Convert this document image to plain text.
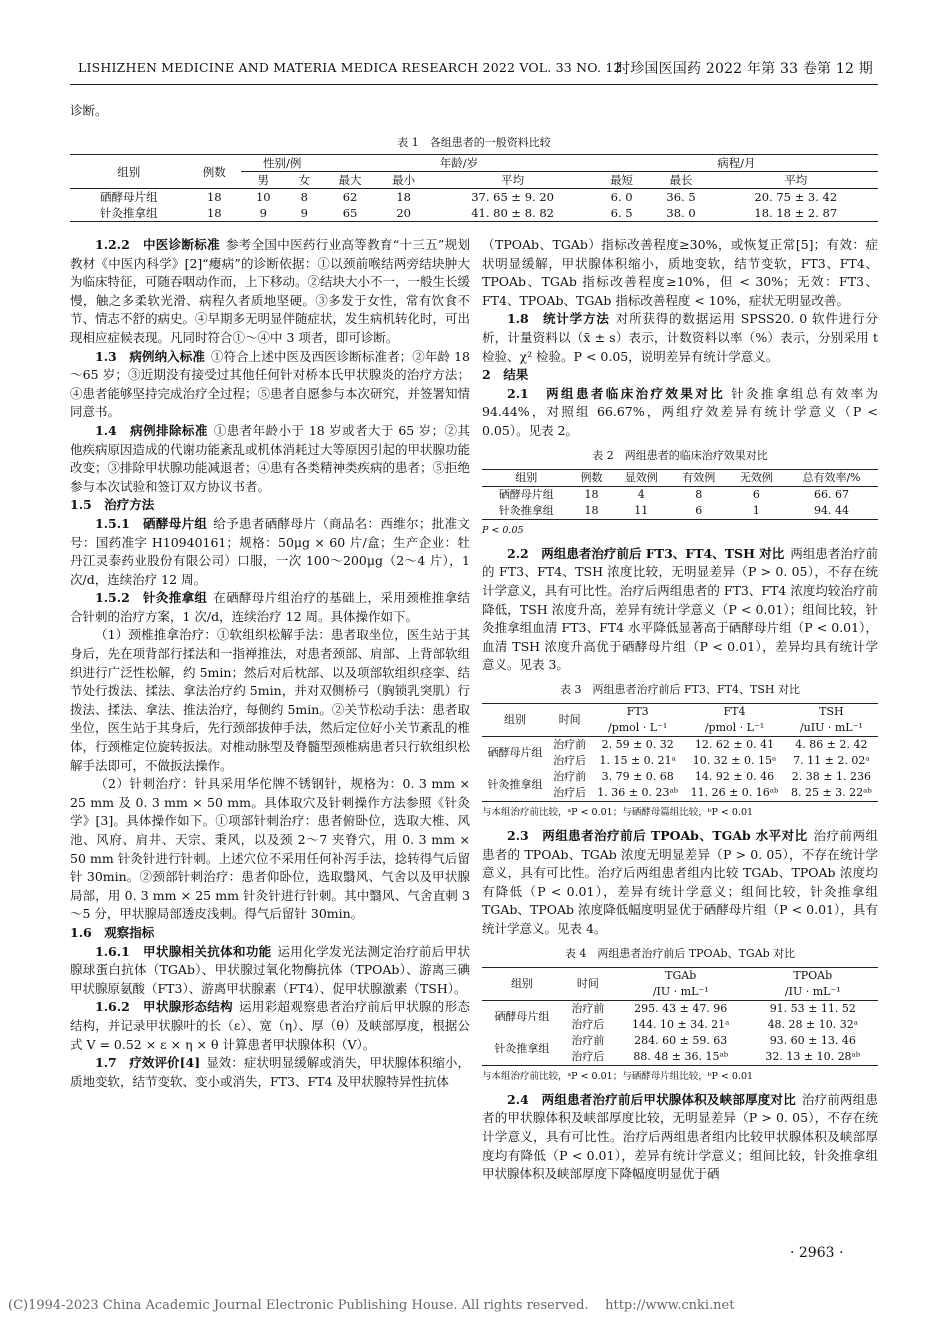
LISHIZHEN MEDICINE AND MATERIA MEDICA RESEARCH 2022 VOL. 33 NO. 12
时珍国医国药 2022 年第 33 卷第 12 期

诊断。

表 1　 各组患者的一般资料比较
组别	例数	性别/例		年龄/岁			病程/月		
		男	女	最大	最小	平均	最短	最长	平均
硒酵母片组	18	10	8	62	18	37. 65 ± 9. 20	6. 0	36. 5	20. 75 ± 3. 42
针灸推拿组	18	9	9	65	20	41. 80 ± 8. 82	6. 5	38. 0	18. 18 ± 2. 87

1.2.2　中医诊断标准 参考全国中医药行业高等教育“十三五”规划教材《中医内科学》[2]“瘿病”的诊断依据：①以颈前喉结两旁结块肿大为临床特征，可随吞咽动作而，上下移动。②结块大小不一，一般生长缓慢，触之多柔软光滑、病程久者质地坚硬。③多发于女性，常有饮食不节、情志不舒的病史。④早期多无明显伴随症状，发生病机转化时，可出现相应症候表现。凡同时符合①～④中 3 项者，即可诊断。

1.3　病例纳入标准 ①符合上述中医及西医诊断标准者；②年龄 18～65 岁；③近期没有接受过其他任何针对桥本氏甲状腺炎的治疗方法；④患者能够坚持完成治疗全过程；⑤患者自愿参与本次研究，并签署知情同意书。

1.4　病例排除标准 ①患者年龄小于 18 岁或者大于 65 岁；②其他疾病原因造成的代谢功能紊乱或机体消耗过大等原因引起的甲状腺功能改变；③排除甲状腺功能减退者；④患有各类精神类疾病的患者；⑤拒绝参与本次试验和签订双方协议书者。

1.5　治疗方法

1.5.1　硒酵母片组 给予患者硒酵母片（商品名：西维尔；批准文号：国药准字 H10940161；规格：50μg × 60 片/盒；生产企业：牡丹江灵泰药业股份有限公司）口服，一次 100～200μg（2～4 片），1 次/d，连续治疗 12 周。

1.5.2　针灸推拿组 在硒酵母片组治疗的基础上，采用颈椎推拿结合针刺的治疗方案，1 次/d，连续治疗 12 周。具体操作如下。

（1）颈椎推拿治疗：①软组织松解手法：患者取坐位，医生站于其身后，先在项背部行揉法和一指禅推法，对患者颈部、肩部、上背部软组织进行广泛性松解，约 5min；然后对后枕部、以及项部软组织痉挛、结节处行拨法、揉法、拿法治疗约 5min，并对双侧桥弓（胸锁乳突肌）行拨法、揉法、拿法、推法治疗，每侧约 5min。②关节松动手法：患者取坐位，医生站于其身后，先行颈部拔伸手法，然后定位好小关节紊乱的椎体，行颈椎定位旋转扳法。对椎动脉型及脊髓型颈椎病患者只行软组织松解手法即可，不做扳法操作。

（2）针刺治疗：针具采用华佗牌不锈钢针，规格为：0. 3 mm × 25 mm 及 0. 3 mm × 50 mm。具体取穴及针刺操作方法参照《针灸学》[3]。具体操作如下。①项部针刺治疗：患者俯卧位，选取大椎、风池、风府、肩井、天宗、秉风，以及颈 2～7 夹脊穴，用 0. 3 mm × 50 mm 针灸针进行针刺。上述穴位不采用任何补泻手法，捻转得气后留针 30min。②颈部针刺治疗：患者仰卧位，选取翳风、气舍以及甲状腺局部，用 0. 3 mm × 25 mm 针灸针进行针刺。其中翳风、气舍直刺 3～5 分，甲状腺局部透皮浅刺。得气后留针 30min。

1.6　观察指标

1.6.1　甲状腺相关抗体和功能 运用化学发光法测定治疗前后甲状腺球蛋白抗体（TGAb）、甲状腺过氧化物酶抗体（TPOAb）、游离三碘甲状腺原氨酸（FT3）、游离甲状腺素（FT4）、促甲状腺激素（TSH）。

1.6.2　甲状腺形态结构 运用彩超观察患者治疗前后甲状腺的形态结构，并记录甲状腺叶的长（ε）、宽（η）、厚（θ）及峡部厚度，根据公式 V = 0.52 × ε × η × θ 计算患者甲状腺体积（V）。

1.7　疗效评价[4] 显效：症状明显缓解或消失，甲状腺体积缩小，质地变软，结节变软、变小或消失，FT3、FT4 及甲状腺特异性抗体

（TPOAb、TGAb）指标改善程度≥30%，或恢复正常[5]；有效：症状明显缓解，甲状腺体积缩小，质地变软，结节变软，FT3、FT4、TPOAb、TGAb 指标改善程度≥10%，但 < 30%；无效：FT3、FT4、TPOAb、TGAb 指标改善程度 < 10%，症状无明显改善。

1.8　统计学方法 对所获得的数据运用 SPSS20. 0 软件进行分析，计量资料以（x̄ ± s）表示，计数资料以率（%）表示，分别采用 t 检验、χ² 检验。P < 0.05，说明差异有统计学意义。

2　结果

2.1　两组患者临床治疗效果对比 针灸推拿组总有效率为 94.44%，对照组 66.67%，两组疗效差异有统计学意义（P < 0.05）。见表 2。

表 2　 两组患者的临床治疗效果对比
组别	例数	显效例	有效例	无效例	总有效率/%
硒酵母片组	18	4	8	6	66. 67
针灸推拿组	18	11	6	1	94. 44
P < 0.05

2.2　两组患者治疗前后 FT3、FT4、TSH 对比 两组患者治疗前的 FT3、FT4、TSH 浓度比较，无明显差异（P > 0. 05），不存在统计学意义，具有可比性。治疗后两组患者的 FT3、FT4 浓度均较治疗前降低，TSH 浓度升高，差异有统计学意义（P < 0.01）；组间比较，针灸推拿组血清 FT3、FT4 水平降低显著高于硒酵母片组（P < 0.01），血清 TSH 浓度升高优于硒酵母片组（P < 0.01），差异均具有统计学意义。见表 3。

表 3　 两组患者治疗前后 FT3、FT4、TSH 对比
组别	时间	FT3	FT4	TSH
		/pmol · L⁻¹	/pmol · L⁻¹	/uIU · mL⁻¹
硒酵母片组	治疗前	2. 59 ± 0. 32	12. 62 ± 0. 41	4. 86 ± 2. 42
	治疗后	1. 15 ± 0. 21ᵃ	10. 32 ± 0. 15ᵃ	7. 11 ± 2. 02ᵃ
针灸推拿组	治疗前	3. 79 ± 0. 68	14. 92 ± 0. 46	2. 38 ± 1. 236
	治疗后	1. 36 ± 0. 23ᵃᵇ	11. 26 ± 0. 16ᵃᵇ	8. 25 ± 3. 22ᵃᵇ
与本组治疗前比较，ᵃP < 0.01；与硒酵母篇组比较，ᵇP < 0.01

2.3　两组患者治疗前后 TPOAb、TGAb 水平对比 治疗前两组患者的 TPOAb、TGAb 浓度无明显差异（P > 0. 05），不存在统计学意义，具有可比性。治疗后两组患者组内比较 TGAb、TPOAb 浓度均有降低（P < 0.01），差异有统计学意义；组间比较，针灸推拿组 TGAb、TPOAb 浓度降低幅度明显优于硒酵母片组（P < 0.01），具有统计学意义。见表 4。

表 4　 两组患者治疗前后 TPOAb、TGAb 对比
组别	时间	TGAb	TPOAb
		/IU · mL⁻¹	/IU · mL⁻¹
硒酵母片组	治疗前	295. 43 ± 47. 96	91. 53 ± 11. 52
	治疗后	144. 10 ± 34. 21ᵃ	48. 28 ± 10. 32ᵃ
针灸推拿组	治疗前	284. 60 ± 59. 63	93. 60 ± 13. 46
	治疗后	88. 48 ± 36. 15ᵃᵇ	32. 13 ± 10. 28ᵃᵇ
与本组治疗前比较，ᵃP < 0.01；与硒酵母片组比较，ᵇP < 0.01

2.4　两组患者治疗前后甲状腺体积及峡部厚度对比 治疗前两组患者的甲状腺体积及峡部厚度比较，无明显差异（P > 0. 05），不存在统计学意义，具有可比性。治疗后两组患者组内比较甲状腺体积及峡部厚度均有降低（P < 0.01），差异有统计学意义；组间比较，针灸推拿组甲状腺体积及峡部厚度下降幅度明显优于硒

· 2963 ·
(C)1994-2023 China Academic Journal Electronic Publishing House. All rights reserved.    http://www.cnki.net
